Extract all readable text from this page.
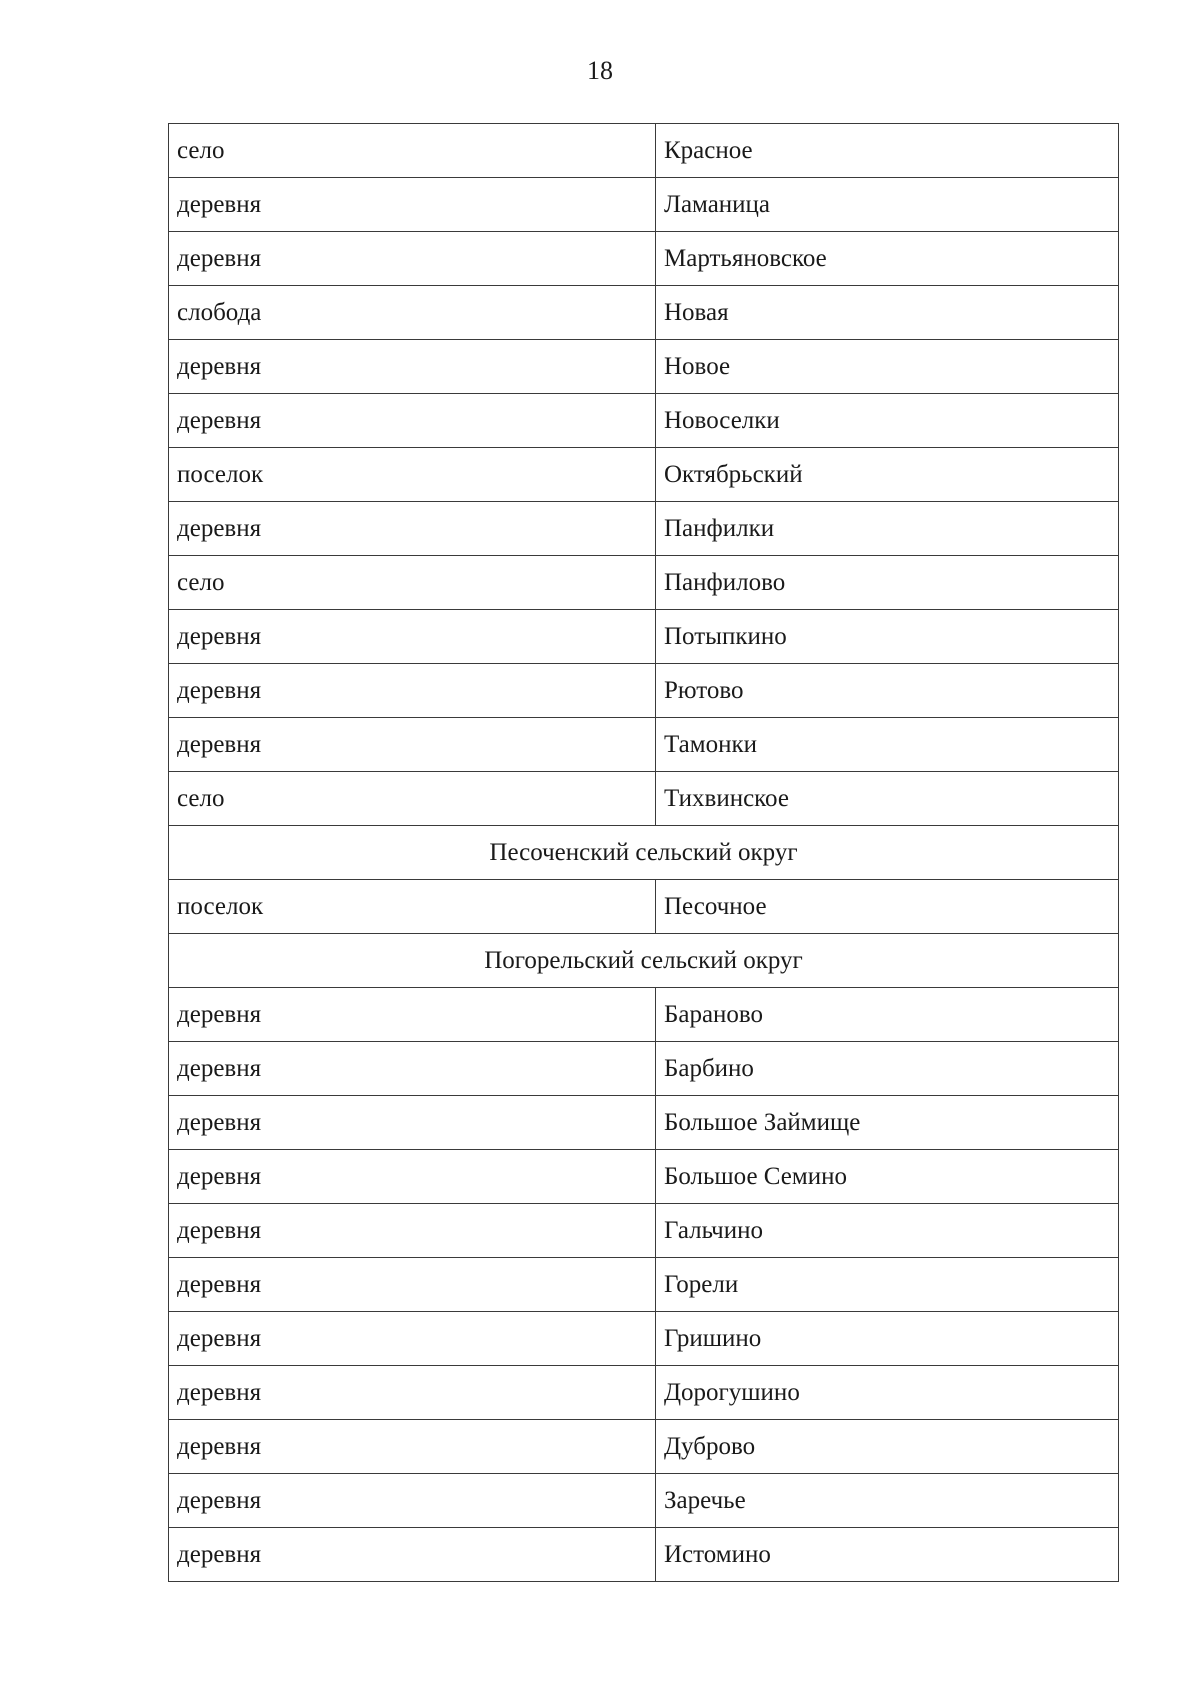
18
село	Красное
деревня	Ламаница
деревня	Мартьяновское
слобода	Новая
деревня	Новое
деревня	Новоселки
поселок	Октябрьский
деревня	Панфилки
село	Панфилово
деревня	Потыпкино
деревня	Рютово
деревня	Тамонки
село	Тихвинское
Песоченский сельский округ	
поселок	Песочное
Погорельский сельский округ	
деревня	Бараново
деревня	Барбино
деревня	Большое Займище
деревня	Большое Семино
деревня	Гальчино
деревня	Горели
деревня	Гришино
деревня	Дорогушино
деревня	Дуброво
деревня	Заречье
деревня	Истомино
